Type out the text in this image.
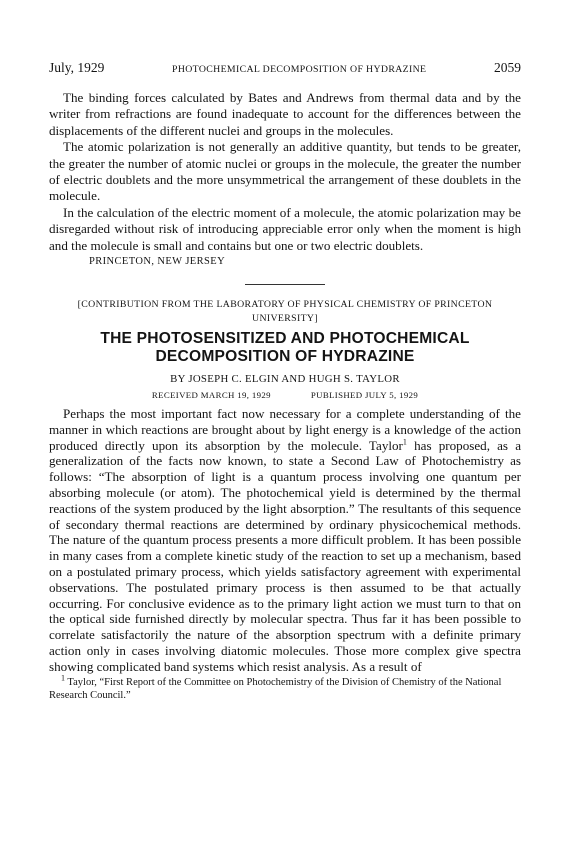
July, 1929	PHOTOCHEMICAL DECOMPOSITION OF HYDRAZINE	2059

The binding forces calculated by Bates and Andrews from thermal data and by the writer from refractions are found inadequate to account for the differences between the displacements of the different nuclei and groups in the molecules.

The atomic polarization is not generally an additive quantity, but tends to be greater, the greater the number of atomic nuclei or groups in the molecule, the greater the number of electric doublets and the more unsymmetrical the arrangement of these doublets in the molecule.

In the calculation of the electric moment of a molecule, the atomic polarization may be disregarded without risk of introducing appreciable error only when the moment is high and the molecule is small and contains but one or two electric doublets.

PRINCETON, NEW JERSEY

[CONTRIBUTION FROM THE LABORATORY OF PHYSICAL CHEMISTRY OF PRINCETON UNIVERSITY]
THE PHOTOSENSITIZED AND PHOTOCHEMICAL
DECOMPOSITION OF HYDRAZINE
BY JOSEPH C. ELGIN AND HUGH S. TAYLOR
RECEIVED MARCH 19, 1929	PUBLISHED JULY 5, 1929

Perhaps the most important fact now necessary for a complete understanding of the manner in which reactions are brought about by light energy is a knowledge of the action produced directly upon its absorption by the molecule. Taylor$^1$ has proposed, as a generalization of the facts now known, to state a Second Law of Photochemistry as follows: “The absorption of light is a quantum process involving one quantum per absorbing molecule (or atom). The photochemical yield is determined by the thermal reactions of the system produced by the light absorption.” The resultants of this sequence of secondary thermal reactions are determined by ordinary physicochemical methods. The nature of the quantum process presents a more difficult problem. It has been possible in many cases from a complete kinetic study of the reaction to set up a mechanism, based on a postulated primary process, which yields satisfactory agreement with experimental observations. The postulated primary process is then assumed to be that actually occurring. For conclusive evidence as to the primary light action we must turn to that on the optical side furnished directly by molecular spectra. Thus far it has been possible to correlate satisfactorily the nature of the absorption spectrum with a definite primary action only in cases involving diatomic molecules. Those more complex give spectra showing complicated band systems which resist analysis. As a result of

$^1$ Taylor, “First Report of the Committee on Photochemistry of the Division of Chemistry of the National Research Council.”
